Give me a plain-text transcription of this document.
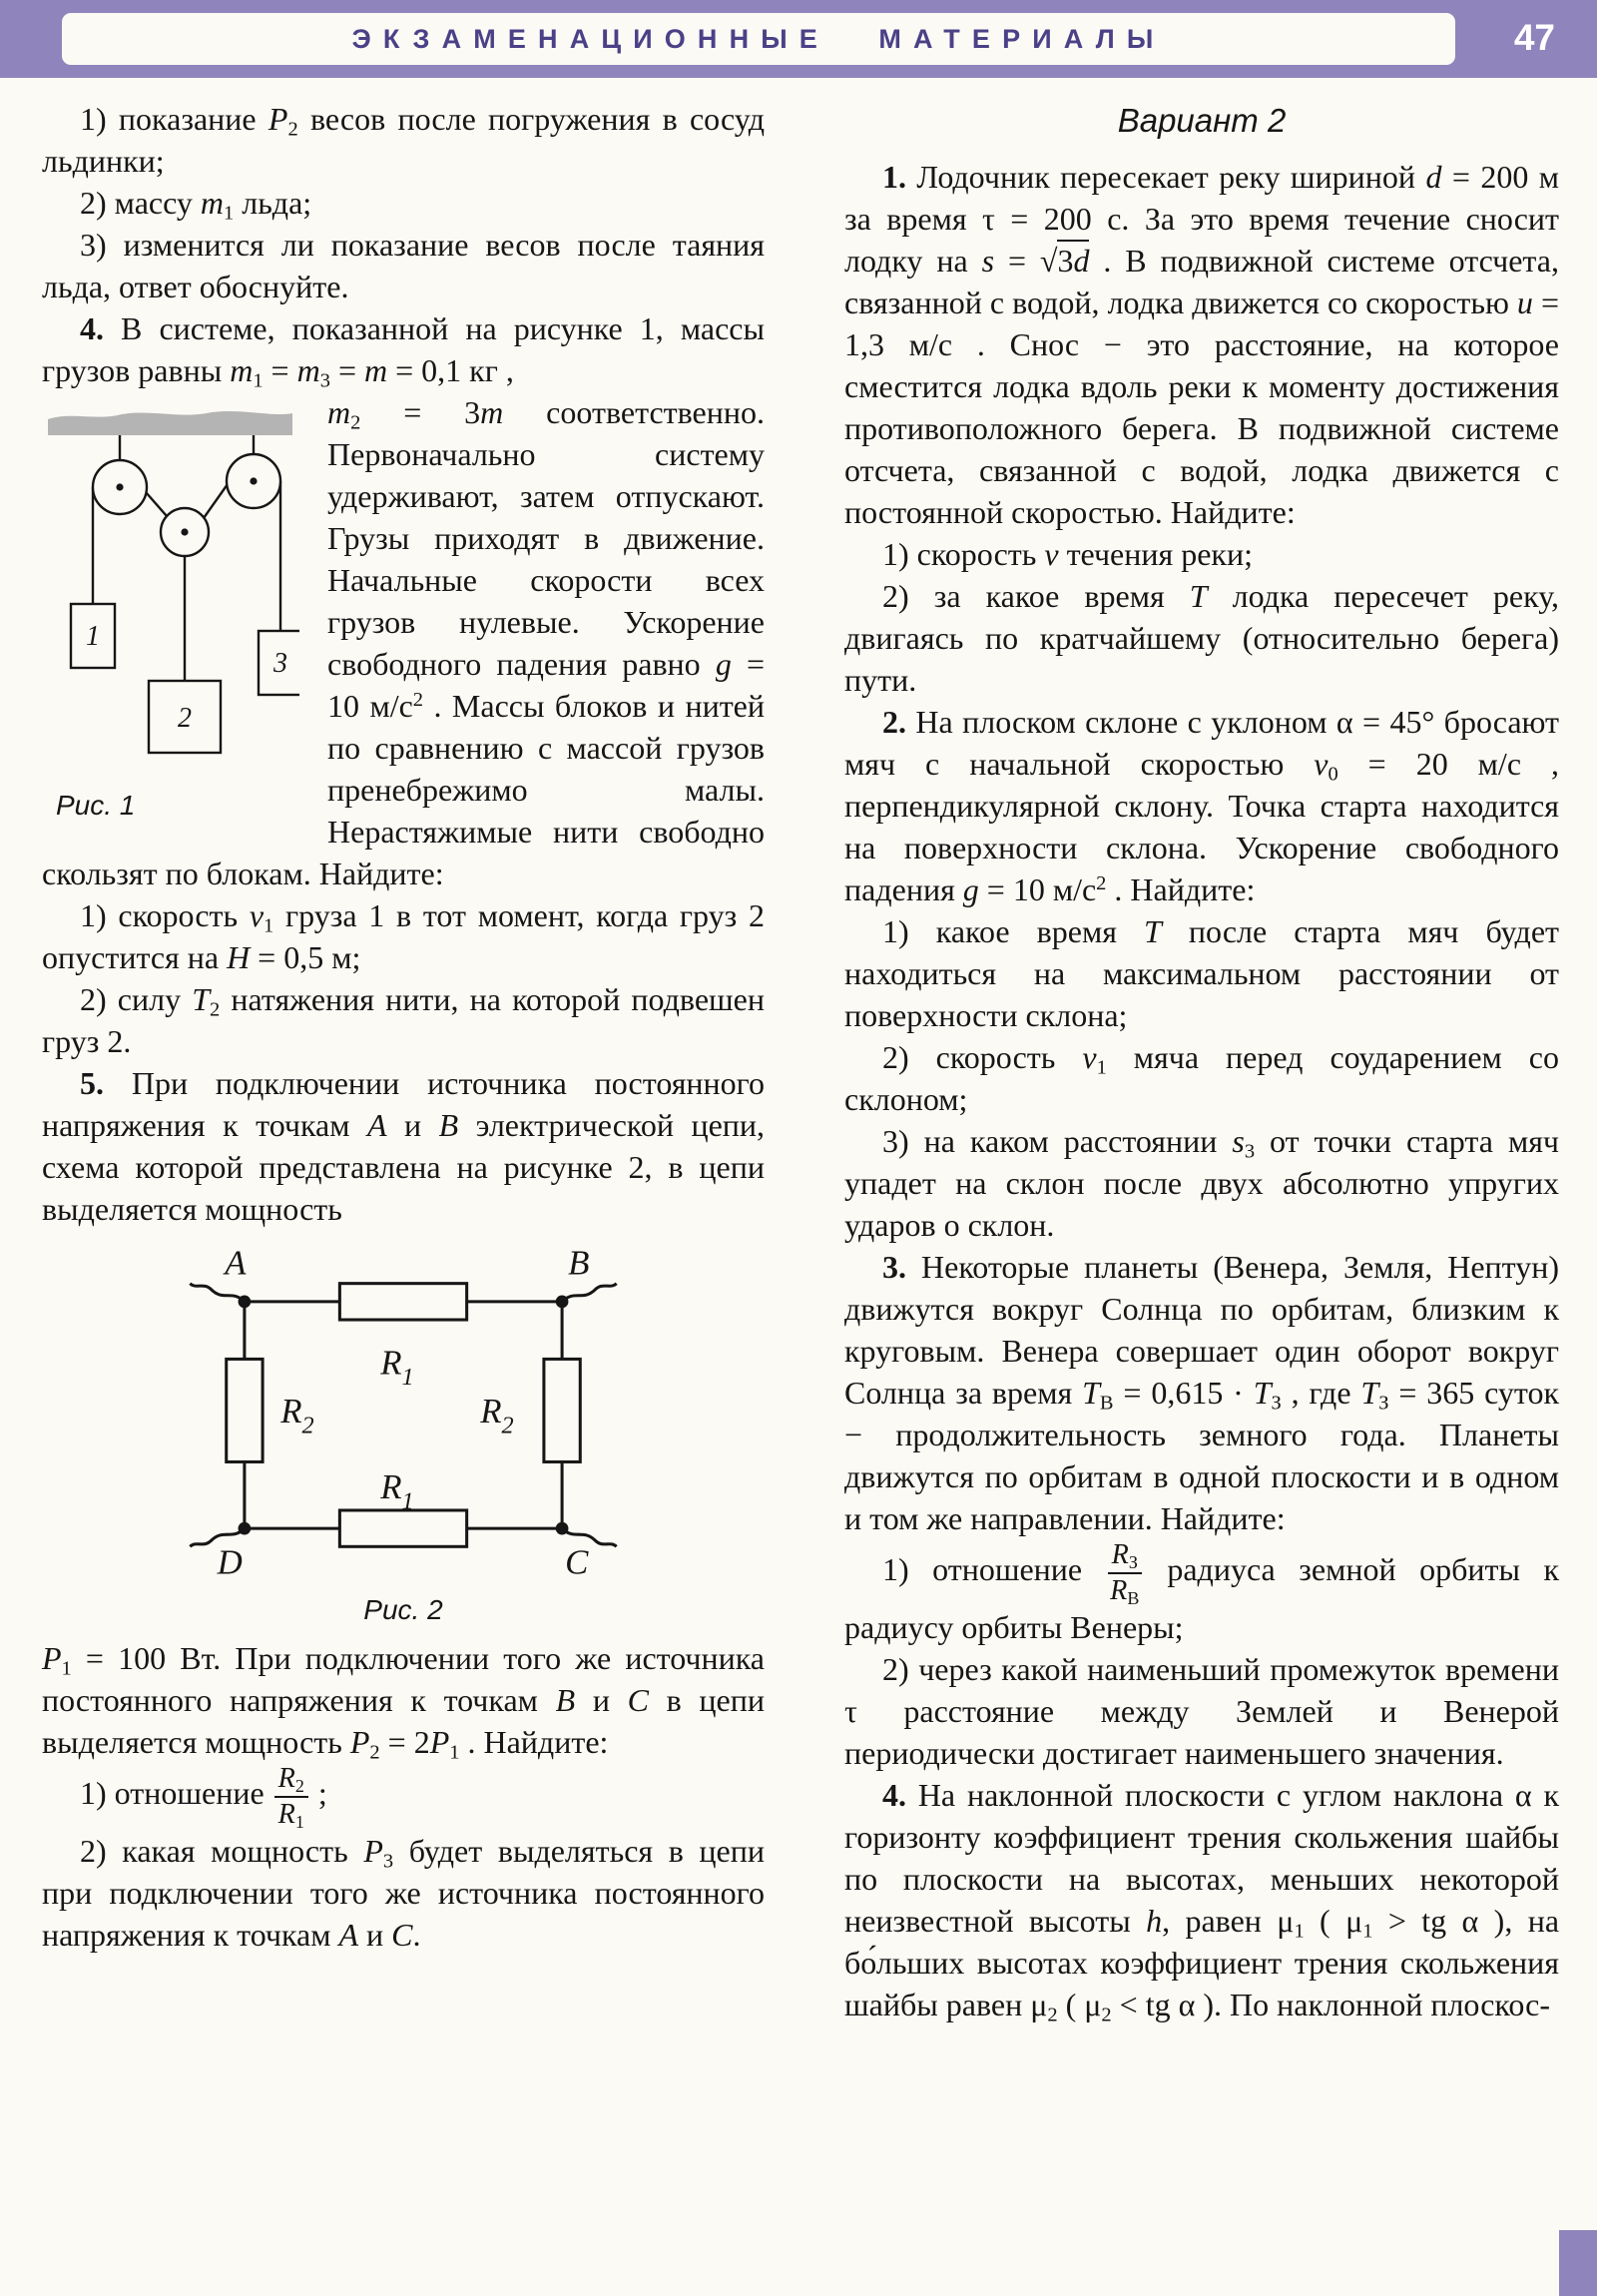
ЭКЗАМЕНАЦИОННЫЕ МАТЕРИАЛЫ	47

1) показание $P_2$ весов после погружения в сосуд льдинки;

2) массу $m_1$ льда;

3) изменится ли показание весов после таяния льда, ответ обоснуйте.

4. В системе, показанной на рисунке 1, массы грузов равны $m_1 = m_3 = m = 0,1$ кг ,

1
3
2
Рис. 1
$m_2 = 3m$ соответственно. Первоначально систему удерживают, затем отпускают. Грузы приходят в движение. Начальные скорости всех грузов нулевые. Ускорение свободного падения равно g = 10 $м/с^2$ . Массы блоков и нитей по сравнению с массой грузов пренебрежимо малы. Нерастяжимые нити свободно скользят по блокам. Найдите:

1) скорость $v_1$ груза 1 в тот момент, когда груз 2 опустится на H = 0,5 м;

2) силу $T_2$ натяжения нити, на которой подвешен груз 2.

5. При подключении источника постоянного напряжения к точкам A и B электрической цепи, схема которой представлена на рисунке 2, в цепи выделяется мощность

A	B
D	C
$R_1$
$R_2$	$R_2$
$R_1$
Рис. 2

$P_1 = 100$ Вт. При подключении того же источника постоянного напряжения к точкам B и C в цепи выделяется мощность $P_2 = 2P_1$ . Найдите:

1) отношение $\frac{R_2}{R_1}$ ;

2) какая мощность $P_3$ будет выделяться в цепи при подключении того же источника постоянного напряжения к точкам A и C.

Вариант 2

1. Лодочник пересекает реку шириной d = 200 м за время τ = 200 с. За это время течение сносит лодку на s = √3d . В подвижной системе отсчета, связанной с водой, лодка движется со скоростью u = 1,3 м/с . Снос − это расстояние, на которое сместится лодка вдоль реки к моменту достижения противоположного берега. В подвижной системе отсчета, связанной с водой, лодка движется с постоянной скоростью. Найдите:

1) скорость v течения реки;

2) за какое время T лодка пересечет реку, двигаясь по кратчайшему (относительно берега) пути.

2. На плоском склоне с уклоном α = 45° бросают мяч с начальной скоростью $v_0 = 20$ м/с , перпендикулярной склону. Точка старта находится на поверхности склона. Ускорение свободного падения g = 10 $м/с^2$ . Найдите:

1) какое время T после старта мяч будет находиться на максимальном расстоянии от поверхности склона;

2) скорость $v_1$ мяча перед соударением со склоном;

3) на каком расстоянии $s_3$ от точки старта мяч упадет на склон после двух абсолютно упругих ударов о склон.

3. Некоторые планеты (Венера, Земля, Нептун) движутся вокруг Солнца по орбитам, близким к круговым. Венера совершает один оборот вокруг Солнца за время $T_В = 0,615 \cdot T_З$ , где $T_З = 365$ суток − продолжительность земного года. Планеты движутся по орбитам в одной плоскости и в одном и том же направлении. Найдите:

1) отношение $\frac{R_З}{R_В}$ радиуса земной орбиты к радиусу орбиты Венеры;

2) через какой наименьший промежуток времени τ расстояние между Землей и Венерой периодически достигает наименьшего значения.

4. На наклонной плоскости с углом наклона α к горизонту коэффициент трения скольжения шайбы по плоскости на высотах, меньших некоторой неизвестной высоты h, равен $\mu_1$ ( $\mu_1$ > tg α ), на бо́льших высотах коэффициент трения скольжения шайбы равен $\mu_2$ ( $\mu_2$ < tg α ). По наклонной плоскос-
